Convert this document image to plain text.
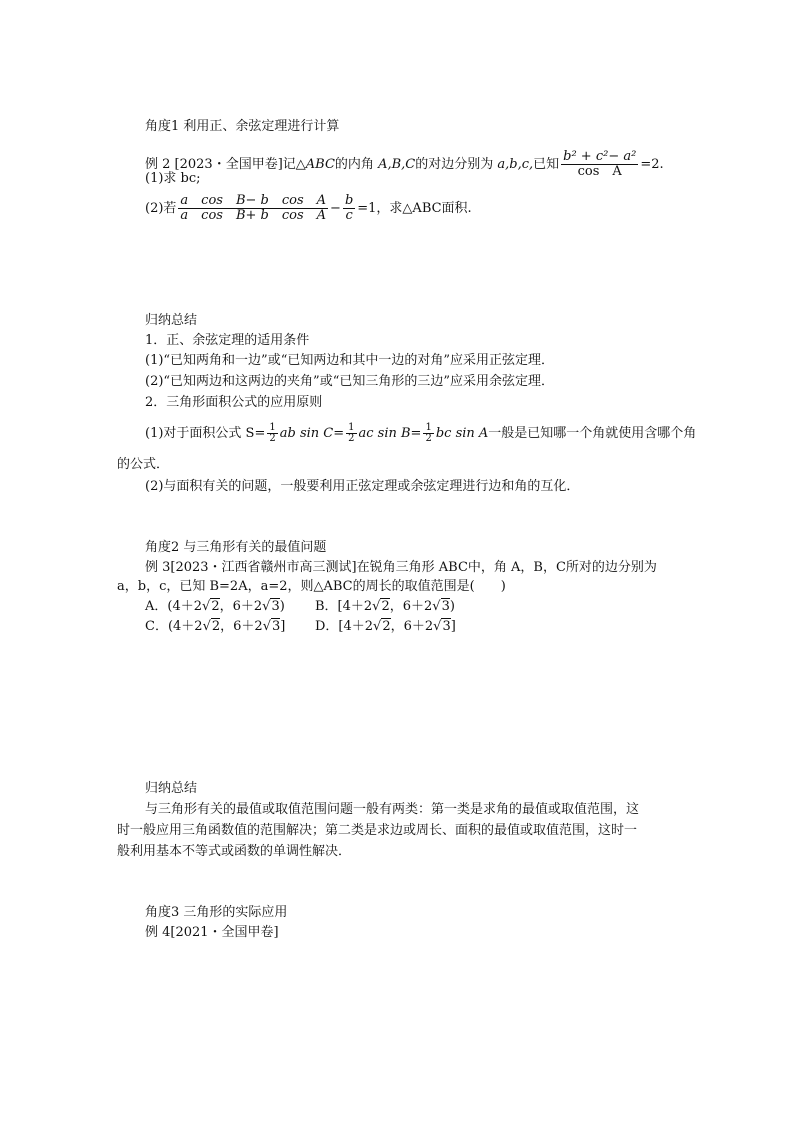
角度1 利用正、余弦定理进行计算
例 2 [2023・全国甲卷]记△ABC的内角 A,B,C的对边分别为 a,b,c,已知 $\frac{\text{b² + c²− a²}}{\text{cos　A}} =2$.
(1)求 bc;
(2)若 $\frac{\text{a　cos　B− b　cos　A}}{\text{a　cos　B+ b　cos　A}} - \frac{b}{c} =1$，求△ABC面积.
归纳总结
1．正、余弦定理的适用条件
(1)“已知两角和一边”或“已知两边和其中一边的对角”应采用正弦定理．
(2)“已知两边和这两边的夹角”或“已知三角形的三边”应采用余弦定理．
2．三角形面积公式的应用原则
(1)对于面积公式 $S= \frac{1}{2}$ ab $\sin C= \frac{1}{2}$ ac $\sin B= \frac{1}{2}$ bc sin A一般是已知哪一个角就使用含哪个角
的公式．
(2)与面积有关的问题，一般要利用正弦定理或余弦定理进行边和角的互化．
角度2 与三角形有关的最值问题
例 3[2023・江西省赣州市高三测试]在锐角三角形 ABC中，角 A，B，C所对的边分别为
a，b，c，已知 B=2A，a=2，则△ABC的周长的取值范围是(　　)
A．(4＋2√2，6＋2√3) B．[4＋2√2，6＋2√3)
C．(4＋2√2，6＋2√3] D．[4＋2√2，6＋2√3]
归纳总结
与三角形有关的最值或取值范围问题一般有两类：第一类是求角的最值或取值范围，这
时一般应用三角函数值的范围解决；第二类是求边或周长、面积的最值或取值范围，这时一
般利用基本不等式或函数的单调性解决．
角度3 三角形的实际应用
例 4[2021・全国甲卷]
